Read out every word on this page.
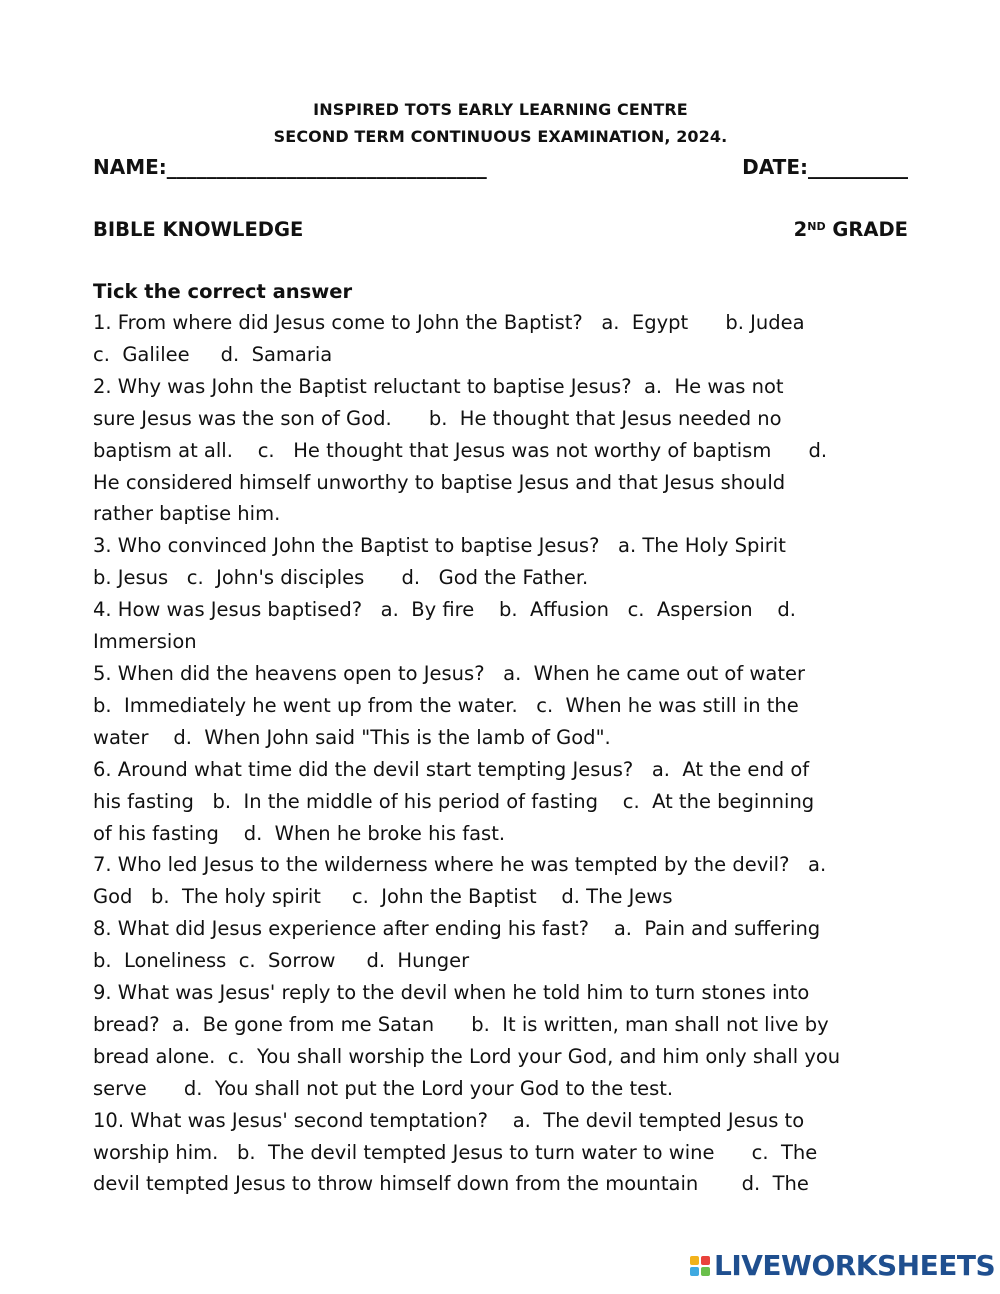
INSPIRED TOTS EARLY LEARNING CENTRE
SECOND TERM CONTINUOUS EXAMINATION, 2024.
NAME:________________________________	DATE:__________
BIBLE KNOWLEDGE	2ND GRADE
Tick the correct answer

1. From where did Jesus come to John the Baptist?   a.  Egypt      b. Judea

c.  Galilee     d.  Samaria

2. Why was John the Baptist reluctant to baptise Jesus?  a.  He was not

sure Jesus was the son of God.      b.  He thought that Jesus needed no

baptism at all.    c.   He thought that Jesus was not worthy of baptism      d.

He considered himself unworthy to baptise Jesus and that Jesus should

rather baptise him.

3. Who convinced John the Baptist to baptise Jesus?   a. The Holy Spirit

b. Jesus   c.  John's disciples      d.   God the Father.

4. How was Jesus baptised?   a.  By fire    b.  Affusion   c.  Aspersion    d.

Immersion

5. When did the heavens open to Jesus?   a.  When he came out of water

b.  Immediately he went up from the water.   c.  When he was still in the

water    d.  When John said "This is the lamb of God".

6. Around what time did the devil start tempting Jesus?   a.  At the end of

his fasting   b.  In the middle of his period of fasting    c.  At the beginning

of his fasting    d.  When he broke his fast.

7. Who led Jesus to the wilderness where he was tempted by the devil?   a.

God   b.  The holy spirit     c.  John the Baptist    d. The Jews

8. What did Jesus experience after ending his fast?    a.  Pain and suffering

b.  Loneliness  c.  Sorrow     d.  Hunger

9. What was Jesus' reply to the devil when he told him to turn stones into

bread?  a.  Be gone from me Satan      b.  It is written, man shall not live by

bread alone.  c.  You shall worship the Lord your God, and him only shall you

serve      d.  You shall not put the Lord your God to the test.

10. What was Jesus' second temptation?    a.  The devil tempted Jesus to

worship him.   b.  The devil tempted Jesus to turn water to wine      c.  The

devil tempted Jesus to throw himself down from the mountain       d.  The

LIVEWORKSHEETS
